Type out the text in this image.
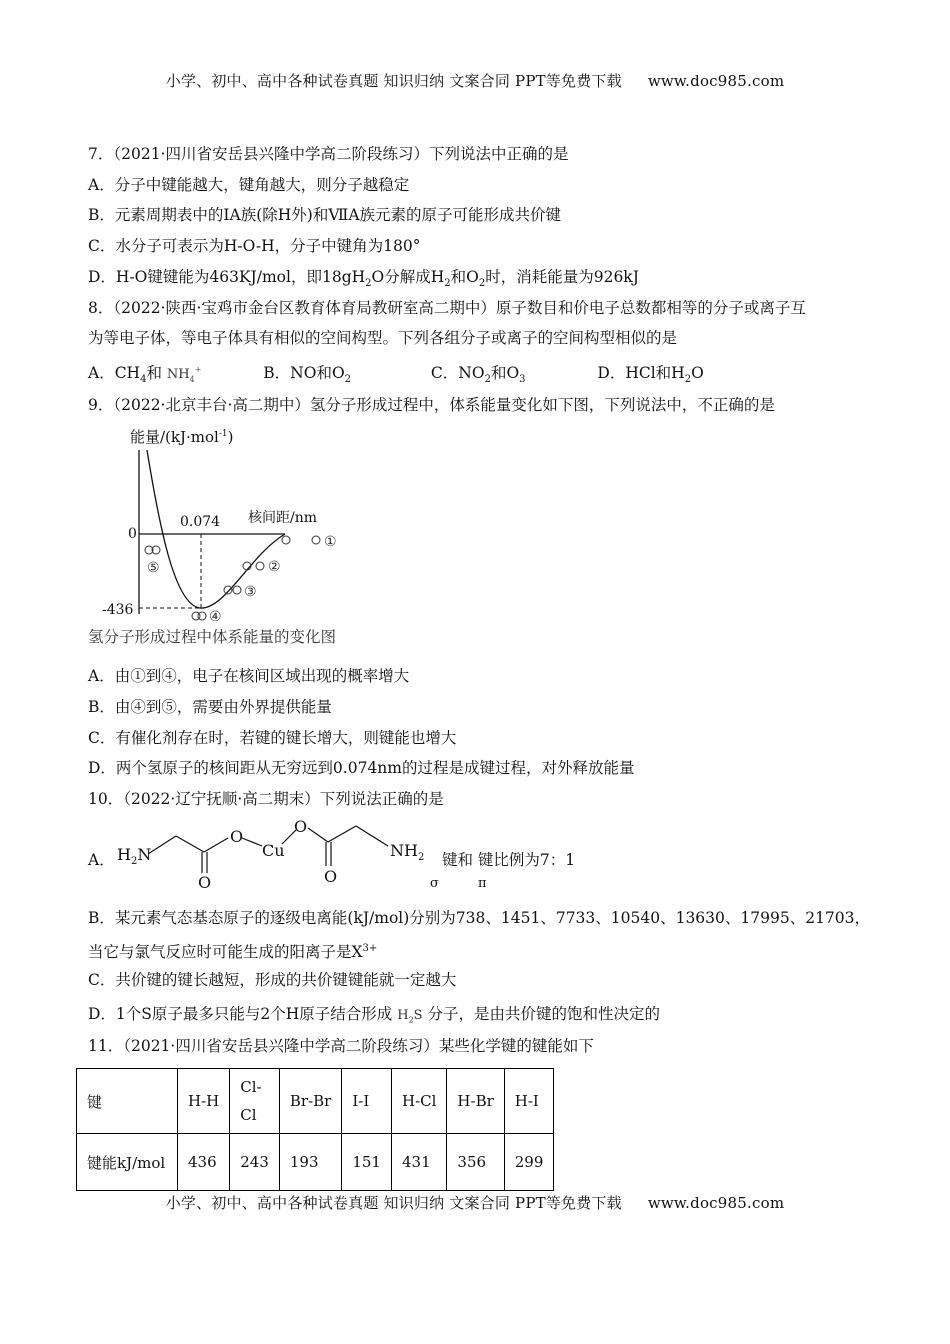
小学、初中、高中各种试卷真题 知识归纳 文案合同 PPT等免费下载 www.doc985.com
7．（2021·四川省安岳县兴隆中学高二阶段练习）下列说法中正确的是
A．分子中键能越大，键角越大，则分子越稳定
B．元素周期表中的ⅠA族(除H外)和ⅦA族元素的原子可能形成共价键
C．水分子可表示为H-O-H，分子中键角为180°
D．H-O键键能为463KJ/mol，即$18gH_2O$分解成$H_2$和$O_2$时，消耗能量为926kJ
8．（2022·陕西·宝鸡市金台区教育体育局教研室高二期中）原子数目和价电子总数都相等的分子或离子互
为等电子体，等电子体具有相似的空间构型。下列各组分子或离子的空间构型相似的是
A．$CH_4$和 $NH_4^+$	B．NO和$O_2$	C．$NO_2$和$O_3$	D．HCl和$H_2O$
9．（2022·北京丰台·高二期中）氢分子形成过程中，体系能量变化如下图，下列说法中，不正确的是
能量/(kJ·mol$^{-1}$)
0
-436
0.074 核间距/nm
⑤
④
③
②
①
氢分子形成过程中体系能量的变化图
A．由①到④，电子在核间区域出现的概率增大
B．由④到⑤，需要由外界提供能量
C．有催化剂存在时，若键的键长增大，则键能也增大
D．两个氢原子的核间距从无穷远到0.074nm的过程是成键过程，对外释放能量
10．（2022·辽宁抚顺·高二期末）下列说法正确的是
A． $H_2N$
O
Cu
O
$NH_2$
O	O
键和 键比例为7：1
σ	π
B．某元素气态基态原子的逐级电离能(kJ/mol)分别为738、1451、7733、10540、13630、17995、21703，
当它与氯气反应时可能生成的阳离子是$X^{3+}$
C．共价键的键长越短，形成的共价键键能就一定越大
D．1个S原子最多只能与2个H原子结合形成 $H_2S$ 分子，是由共价键的饱和性决定的
11．（2021·四川省安岳县兴隆中学高二阶段练习）某些化学键的键能如下
键	H-H	Cl-Cl	Br-Br	I-I	H-Cl	H-Br	H-I
键能kJ/mol	436	243	193	151	431	356	299
小学、初中、高中各种试卷真题 知识归纳 文案合同 PPT等免费下载 www.doc985.com
